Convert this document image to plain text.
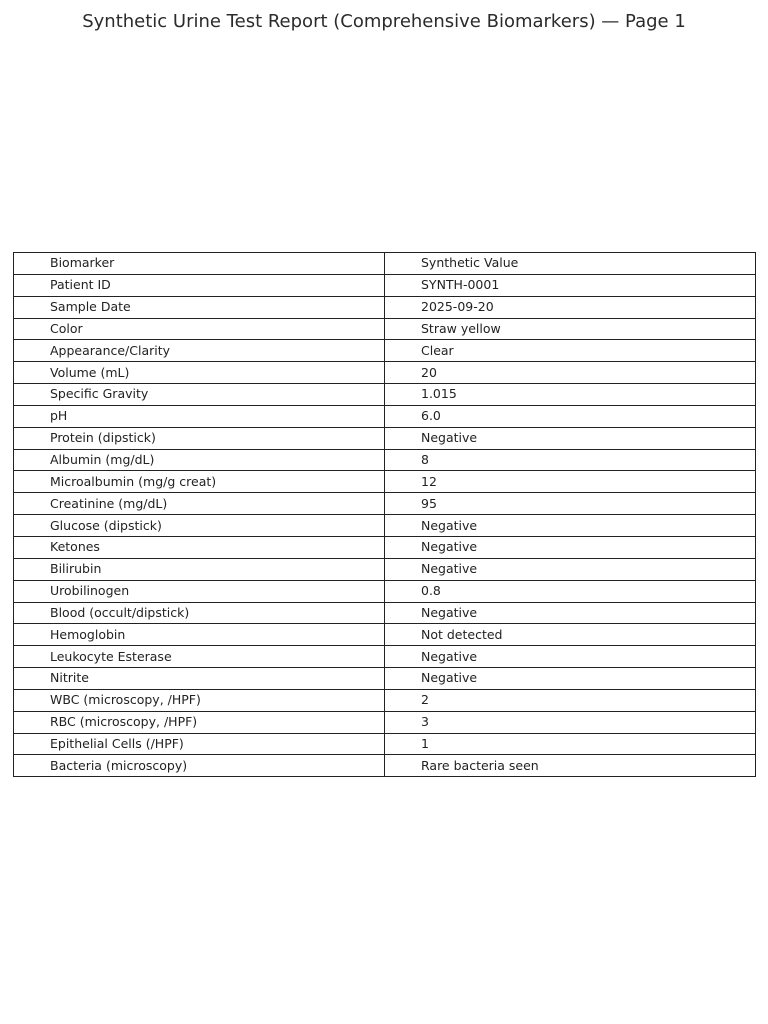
Synthetic Urine Test Report (Comprehensive Biomarkers) — Page 1
Biomarker	Synthetic Value
Patient ID	SYNTH-0001
Sample Date	2025-09-20
Color	Straw yellow
Appearance/Clarity	Clear
Volume (mL)	20
Specific Gravity	1.015
pH	6.0
Protein (dipstick)	Negative
Albumin (mg/dL)	8
Microalbumin (mg/g creat)	12
Creatinine (mg/dL)	95
Glucose (dipstick)	Negative
Ketones	Negative
Bilirubin	Negative
Urobilinogen	0.8
Blood (occult/dipstick)	Negative
Hemoglobin	Not detected
Leukocyte Esterase	Negative
Nitrite	Negative
WBC (microscopy, /HPF)	2
RBC (microscopy, /HPF)	3
Epithelial Cells (/HPF)	1
Bacteria (microscopy)	Rare bacteria seen
